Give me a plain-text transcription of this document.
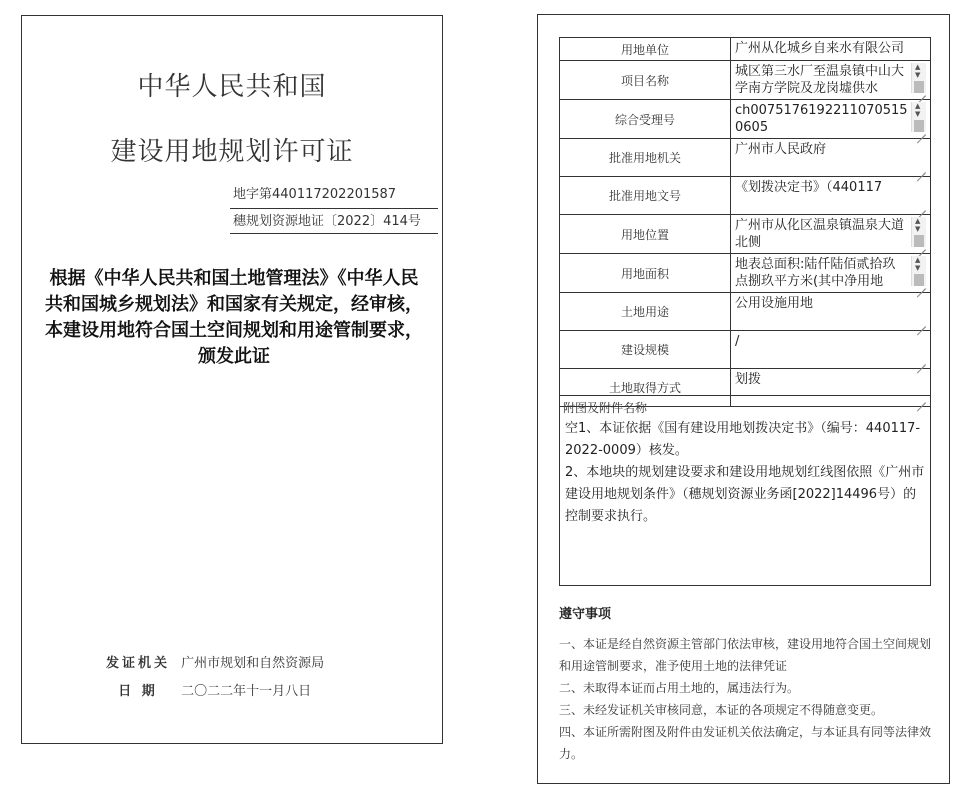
中华人民共和国
建设用地规划许可证
地字第440117202201587
穗规划资源地证〔2022〕414号
根据《中华人民共和国土地管理法》《中华人民共和国城乡规划法》和国家有关规定，经审核，本建设用地符合国土空间规划和用途管制要求，颁发此证
发证机关 广州市规划和自然资源局
日 期 二〇二二年十一月八日
用地单位	广州从化城乡自来水有限公司

项目名称	城区第三水厂至温泉镇中山大学南方学院及龙岗墟供水
▲
▼

综合受理号	ch00751761922110705150605
▲
▼

批准用地机关	广州市人民政府

批准用地文号	《划拨决定书》（440117

用地位置	广州市从化区温泉镇温泉大道北侧
▲
▼

用地面积	地表总面积:陆仟陆佰贰拾玖点捌玖平方米(其中净用地
▲
▼

土地用途	公用设施用地

建设规模	/

土地取得方式	划拨
附图及附件名称

空1、本证依据《国有建设用地划拨决定书》（编号：440117-2022-0009）核发。

2、本地块的规划建设要求和建设用地规划红线图依照《广州市建设用地规划条件》（穗规划资源业务函[2022]14496号）的控制要求执行。

遵守事项

一、本证是经自然资源主管部门依法审核，建设用地符合国土空间规划和用途管制要求，准予使用土地的法律凭证

二、未取得本证而占用土地的，属违法行为。

三、未经发证机关审核同意，本证的各项规定不得随意变更。

四、本证所需附图及附件由发证机关依法确定，与本证具有同等法律效力。
